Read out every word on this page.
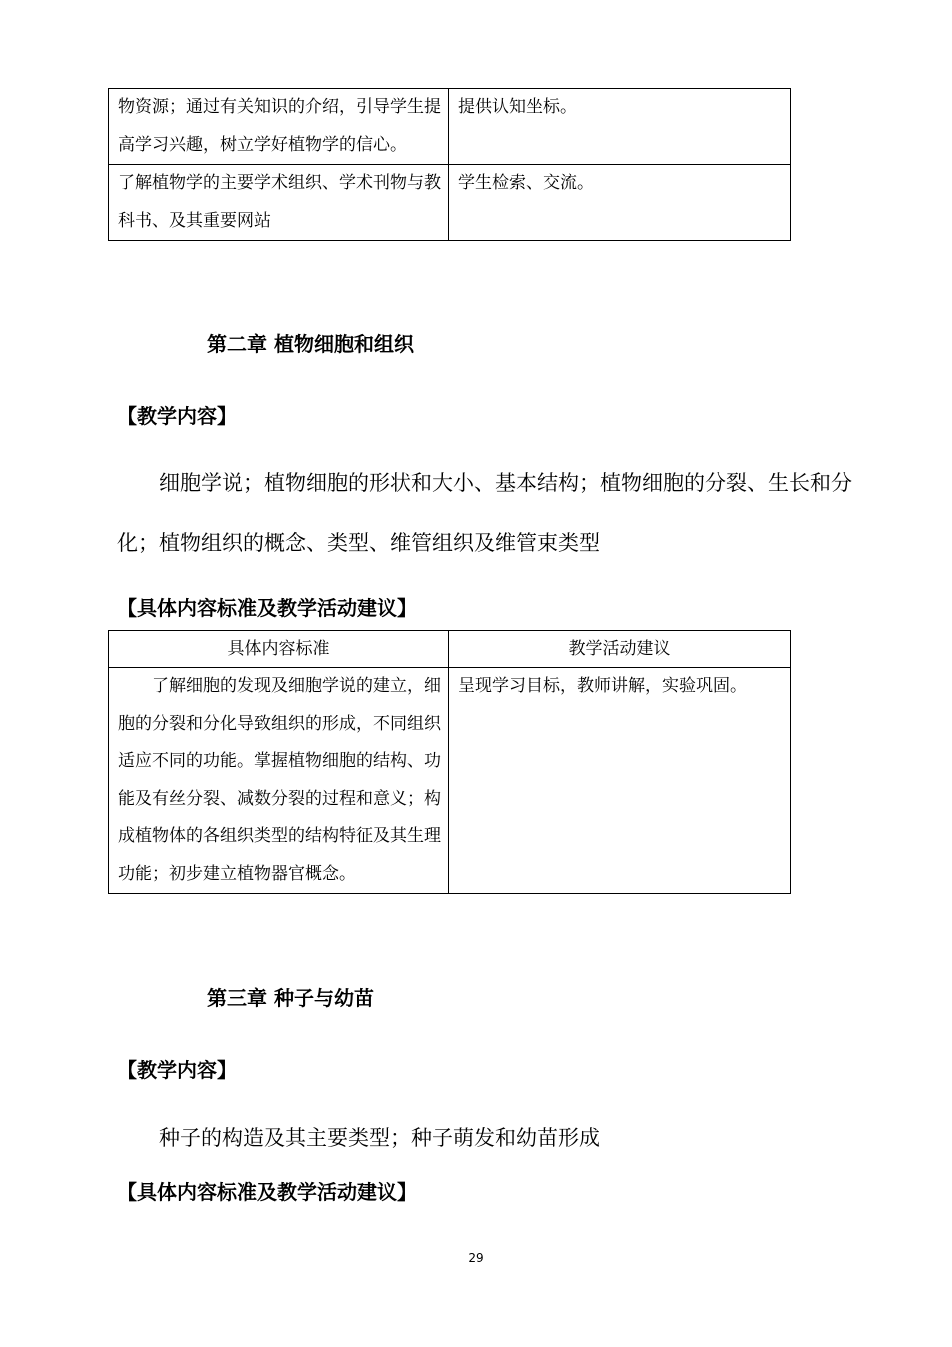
物资源；通过有关知识的介绍，引导学生提高学习兴趣，树立学好植物学的信心。	提供认知坐标。
了解植物学的主要学术组织、学术刊物与教科书、及其重要网站	学生检索、交流。
第二章 植物细胞和组织
【教学内容】
细胞学说；植物细胞的形状和大小、基本结构；植物细胞的分裂、生长和分化；植物组织的概念、类型、维管组织及维管束类型
【具体内容标准及教学活动建议】
具体内容标准	教学活动建议
了解细胞的发现及细胞学说的建立，细胞的分裂和分化导致组织的形成，不同组织适应不同的功能。掌握植物细胞的结构、功能及有丝分裂、减数分裂的过程和意义；构成植物体的各组织类型的结构特征及其生理功能；初步建立植物器官概念。	呈现学习目标，教师讲解，实验巩固。
第三章 种子与幼苗
【教学内容】
种子的构造及其主要类型；种子萌发和幼苗形成
【具体内容标准及教学活动建议】
29
